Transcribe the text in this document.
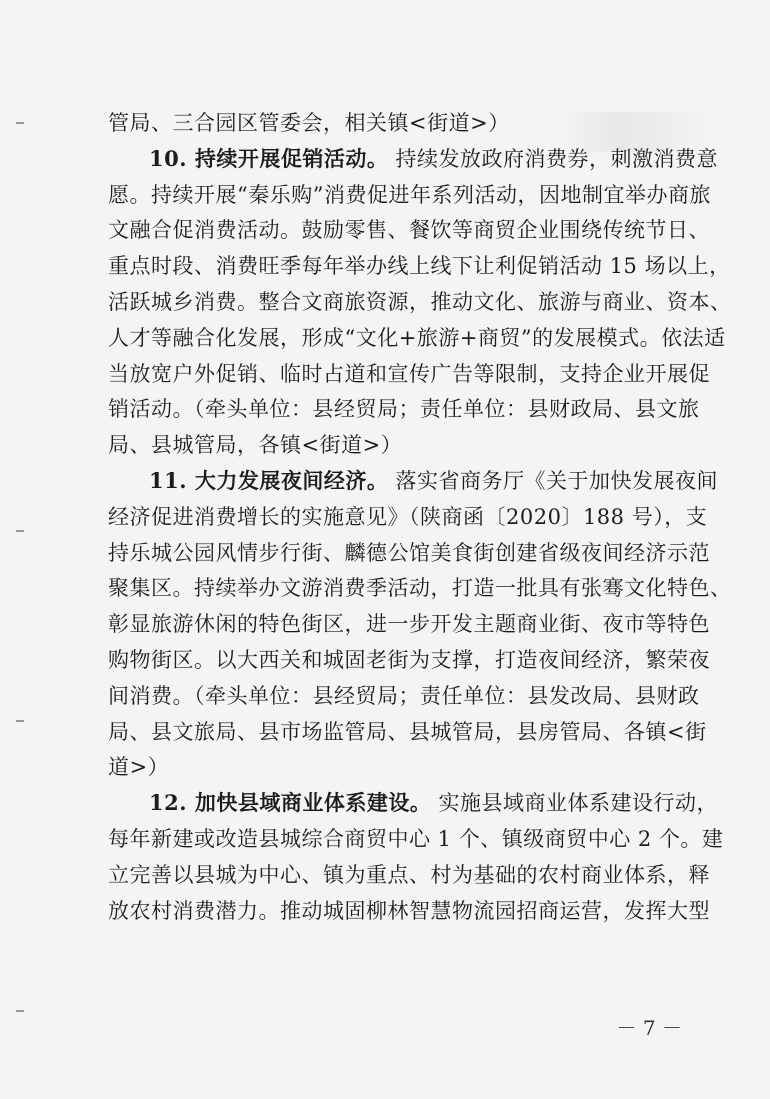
管局、三合园区管委会，相关镇<街道>）
10. 持续开展促销活动。 持续发放政府消费券，刺激消费意
愿。持续开展“秦乐购”消费促进年系列活动，因地制宜举办商旅
文融合促消费活动。鼓励零售、餐饮等商贸企业围绕传统节日、
重点时段、消费旺季每年举办线上线下让利促销活动 15 场以上，
活跃城乡消费。整合文商旅资源，推动文化、旅游与商业、资本、
人才等融合化发展，形成“文化+旅游+商贸”的发展模式。依法适
当放宽户外促销、临时占道和宣传广告等限制，支持企业开展促
销活动。（牵头单位：县经贸局；责任单位：县财政局、县文旅
局、县城管局，各镇<街道>）
11. 大力发展夜间经济。 落实省商务厅《关于加快发展夜间
经济促进消费增长的实施意见》（陕商函〔2020〕188 号），支
持乐城公园风情步行街、麟德公馆美食街创建省级夜间经济示范
聚集区。持续举办文游消费季活动，打造一批具有张骞文化特色、
彰显旅游休闲的特色街区，进一步开发主题商业街、夜市等特色
购物街区。以大西关和城固老街为支撑，打造夜间经济，繁荣夜
间消费。（牵头单位：县经贸局；责任单位：县发改局、县财政
局、县文旅局、县市场监管局、县城管局，县房管局、各镇<街
道>）
12. 加快县域商业体系建设。 实施县域商业体系建设行动，
每年新建或改造县城综合商贸中心 1 个、镇级商贸中心 2 个。建
立完善以县城为中心、镇为重点、村为基础的农村商业体系，释
放农村消费潜力。推动城固柳林智慧物流园招商运营，发挥大型
－ 7 －
